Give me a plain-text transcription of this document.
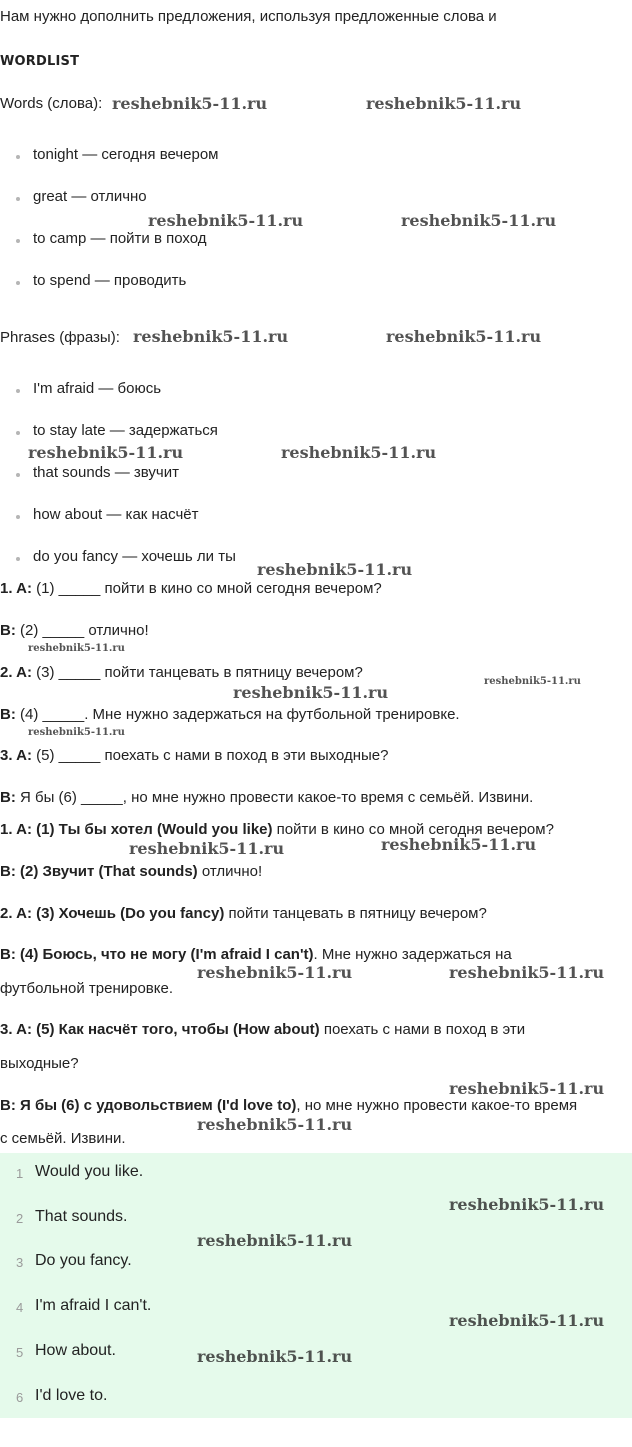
Нам нужно дополнить предложения, используя предложенные слова и
WORDLIST
Words (слова):
tonight — сегодня вечером
great — отлично
to camp — пойти в поход
to spend — проводить
Phrases (фразы):
I'm afraid — боюсь
to stay late — задержаться
that sounds — звучит
how about — как насчёт
do you fancy — хочешь ли ты
1. A: (1) _____ пойти в кино со мной сегодня вечером?
B: (2) _____ отлично!
2. A: (3) _____ пойти танцевать в пятницу вечером?
B: (4) _____. Мне нужно задержаться на футбольной тренировке.
3. A: (5) _____ поехать с нами в поход в эти выходные?
B: Я бы (6) _____, но мне нужно провести какое-то время с семьёй. Извини.
1. A: (1) Ты бы хотел (Would you like) пойти в кино со мной сегодня вечером?
B: (2) Звучит (That sounds) отлично!
2. A: (3) Хочешь (Do you fancy) пойти танцевать в пятницу вечером?
B: (4) Боюсь, что не могу (I'm afraid I can't). Мне нужно задержаться на
футбольной тренировке.
3. A: (5) Как насчёт того, чтобы (How about) поехать с нами в поход в эти
выходные?
B: Я бы (6) с удовольствием (I'd love to), но мне нужно провести какое-то время
с семьёй. Извини.
1 Would you like.
2 That sounds.
3 Do you fancy.
4 I'm afraid I can't.
5 How about.
6 I'd love to.
reshebnik5-11.ru	reshebnik5-11.ru
reshebnik5-11.ru	reshebnik5-11.ru
reshebnik5-11.ru	reshebnik5-11.ru
reshebnik5-11.ru	reshebnik5-11.ru
reshebnik5-11.ru
reshebnik5-11.ru
reshebnik5-11.ru
reshebnik5-11.ru
reshebnik5-11.ru
reshebnik5-11.ru	reshebnik5-11.ru
reshebnik5-11.ru	reshebnik5-11.ru
reshebnik5-11.ru
reshebnik5-11.ru
reshebnik5-11.ru
reshebnik5-11.ru
reshebnik5-11.ru
reshebnik5-11.ru
